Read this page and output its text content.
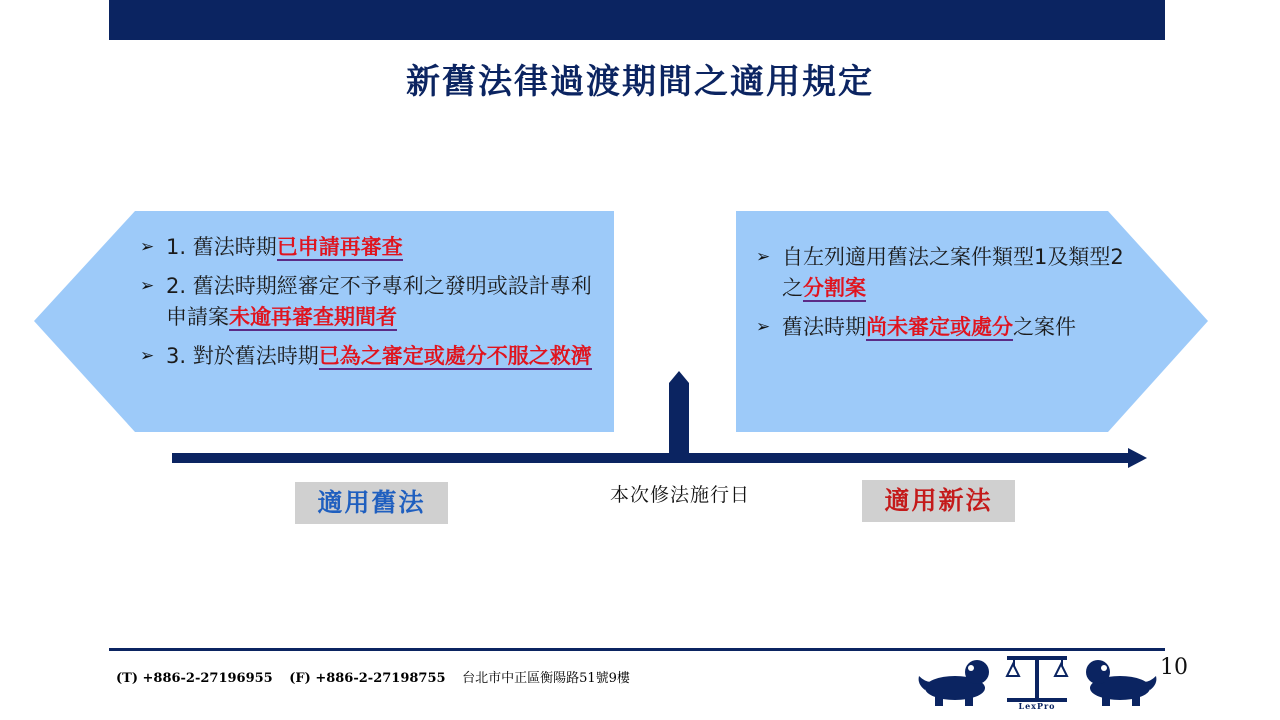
新舊法律過渡期間之適用規定
➢ 1. 舊法時期已申請再審查
➢ 2. 舊法時期經審定不予專利之發明或設計專利申請案未逾再審查期間者
➢ 3. 對於舊法時期已為之審定或處分不服之救濟
➢ 自左列適用舊法之案件類型1及類型2之分割案
➢ 舊法時期尚未審定或處分之案件
適用舊法	本次修法施行日	適用新法
(T) +886-2-27196955 (F) +886-2-27198755 台北市中正區衡陽路51號9樓
LexPro
10
